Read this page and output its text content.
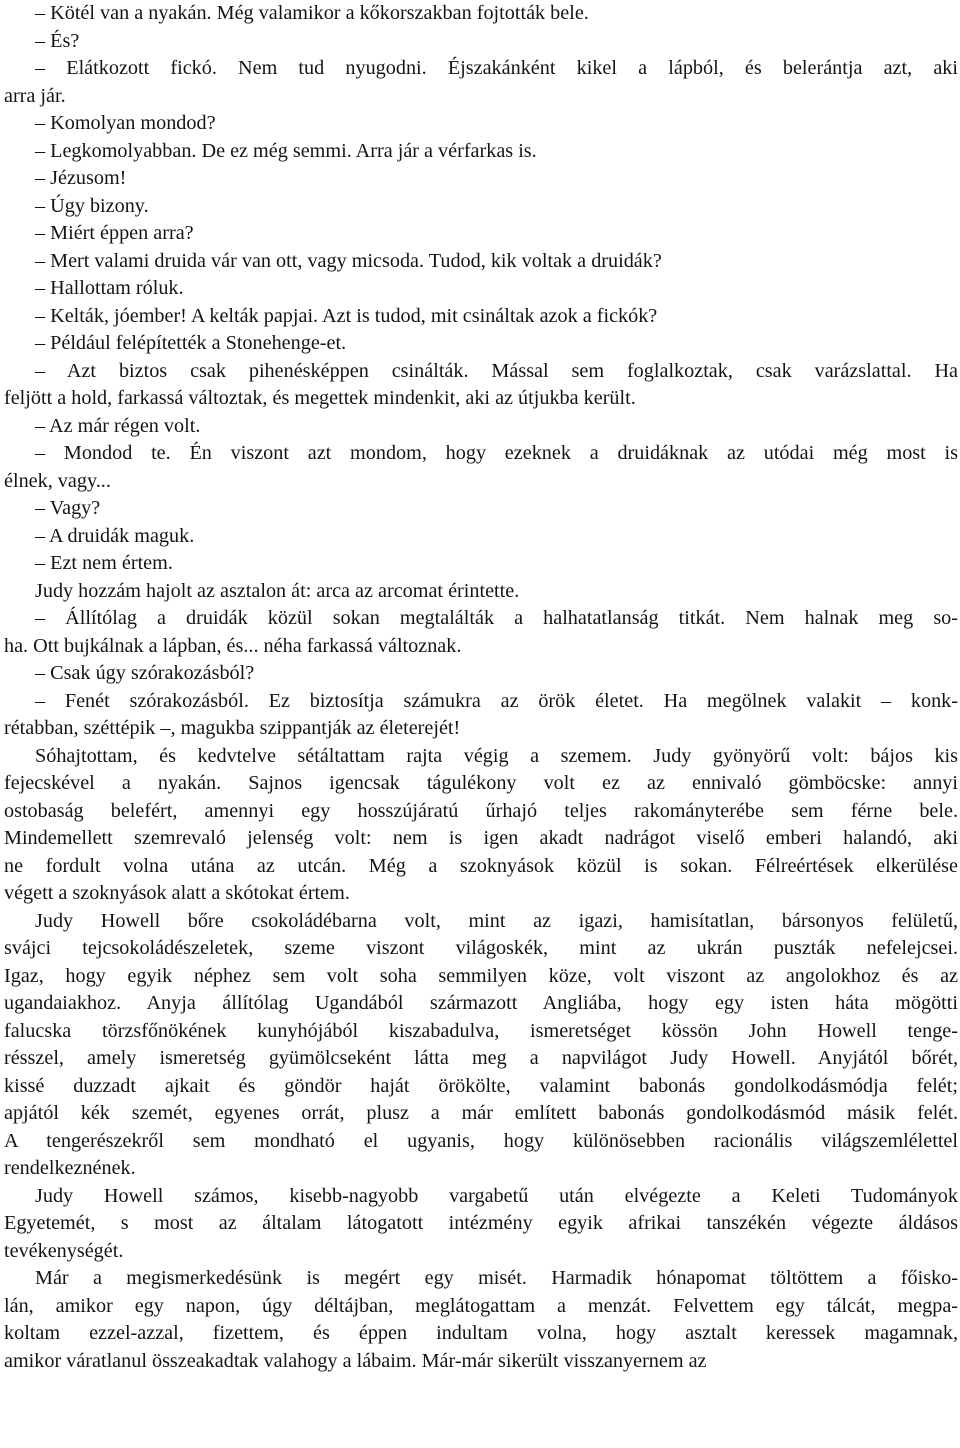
– Kötél van a nyakán. Még valamikor a kőkorszakban fojtották bele.
– És?
– Elátkozott fickó. Nem tud nyugodni. Éjszakánként kikel a lápból, és belerántja azt, aki
arra jár.
– Komolyan mondod?
– Legkomolyabban. De ez még semmi. Arra jár a vérfarkas is.
– Jézusom!
– Úgy bizony.
– Miért éppen arra?
– Mert valami druida vár van ott, vagy micsoda. Tudod, kik voltak a druidák?
– Hallottam róluk.
– Kelták, jóember! A kelták papjai. Azt is tudod, mit csináltak azok a fickók?
– Például felépítették a Stonehenge-et.
– Azt biztos csak pihenésképpen csinálták. Mással sem foglalkoztak, csak varázslattal. Ha
feljött a hold, farkassá változtak, és megettek mindenkit, aki az útjukba került.
– Az már régen volt.
– Mondod te. Én viszont azt mondom, hogy ezeknek a druidáknak az utódai még most is
élnek, vagy...
– Vagy?
– A druidák maguk.
– Ezt nem értem.
Judy hozzám hajolt az asztalon át: arca az arcomat érintette.
– Állítólag a druidák közül sokan megtalálták a halhatatlanság titkát. Nem halnak meg so-
ha. Ott bujkálnak a lápban, és... néha farkassá változnak.
– Csak úgy szórakozásból?
– Fenét szórakozásból. Ez biztosítja számukra az örök életet. Ha megölnek valakit – konk-
rétabban, széttépik –, magukba szippantják az életerejét!
Sóhajtottam, és kedvtelve sétáltattam rajta végig a szemem. Judy gyönyörű volt: bájos kis
fejecskével a nyakán. Sajnos igencsak tágulékony volt ez az ennivaló gömböcske: annyi
ostobaság belefért, amennyi egy hosszújáratú űrhajó teljes rakományterébe sem férne bele.
Mindemellett szemrevaló jelenség volt: nem is igen akadt nadrágot viselő emberi halandó, aki
ne fordult volna utána az utcán. Még a szoknyások közül is sokan. Félreértések elkerülése
végett a szoknyások alatt a skótokat értem.
Judy Howell bőre csokoládébarna volt, mint az igazi, hamisítatlan, bársonyos felületű,
svájci tejcsokoládészeletek, szeme viszont világoskék, mint az ukrán puszták nefelejcsei.
Igaz, hogy egyik néphez sem volt soha semmilyen köze, volt viszont az angolokhoz és az
ugandaiakhoz. Anyja állítólag Ugandából származott Angliába, hogy egy isten háta mögötti
falucska törzsfőnökének kunyhójából kiszabadulva, ismeretséget kössön John Howell tenge-
résszel, amely ismeretség gyümölcseként látta meg a napvilágot Judy Howell. Anyjától bőrét,
kissé duzzadt ajkait és göndör haját örökölte, valamint babonás gondolkodásmódja felét;
apjától kék szemét, egyenes orrát, plusz a már említett babonás gondolkodásmód másik felét.
A tengerészekről sem mondható el ugyanis, hogy különösebben racionális világszemlélettel
rendelkeznének.
Judy Howell számos, kisebb-nagyobb vargabetű után elvégezte a Keleti Tudományok
Egyetemét, s most az általam látogatott intézmény egyik afrikai tanszékén végezte áldásos
tevékenységét.
Már a megismerkedésünk is megért egy misét. Harmadik hónapomat töltöttem a főisko-
lán, amikor egy napon, úgy déltájban, meglátogattam a menzát. Felvettem egy tálcát, megpa-
koltam ezzel-azzal, fizettem, és éppen indultam volna, hogy asztalt keressek magamnak,
amikor váratlanul összeakadtak valahogy a lábaim. Már-már sikerült visszanyernem az
